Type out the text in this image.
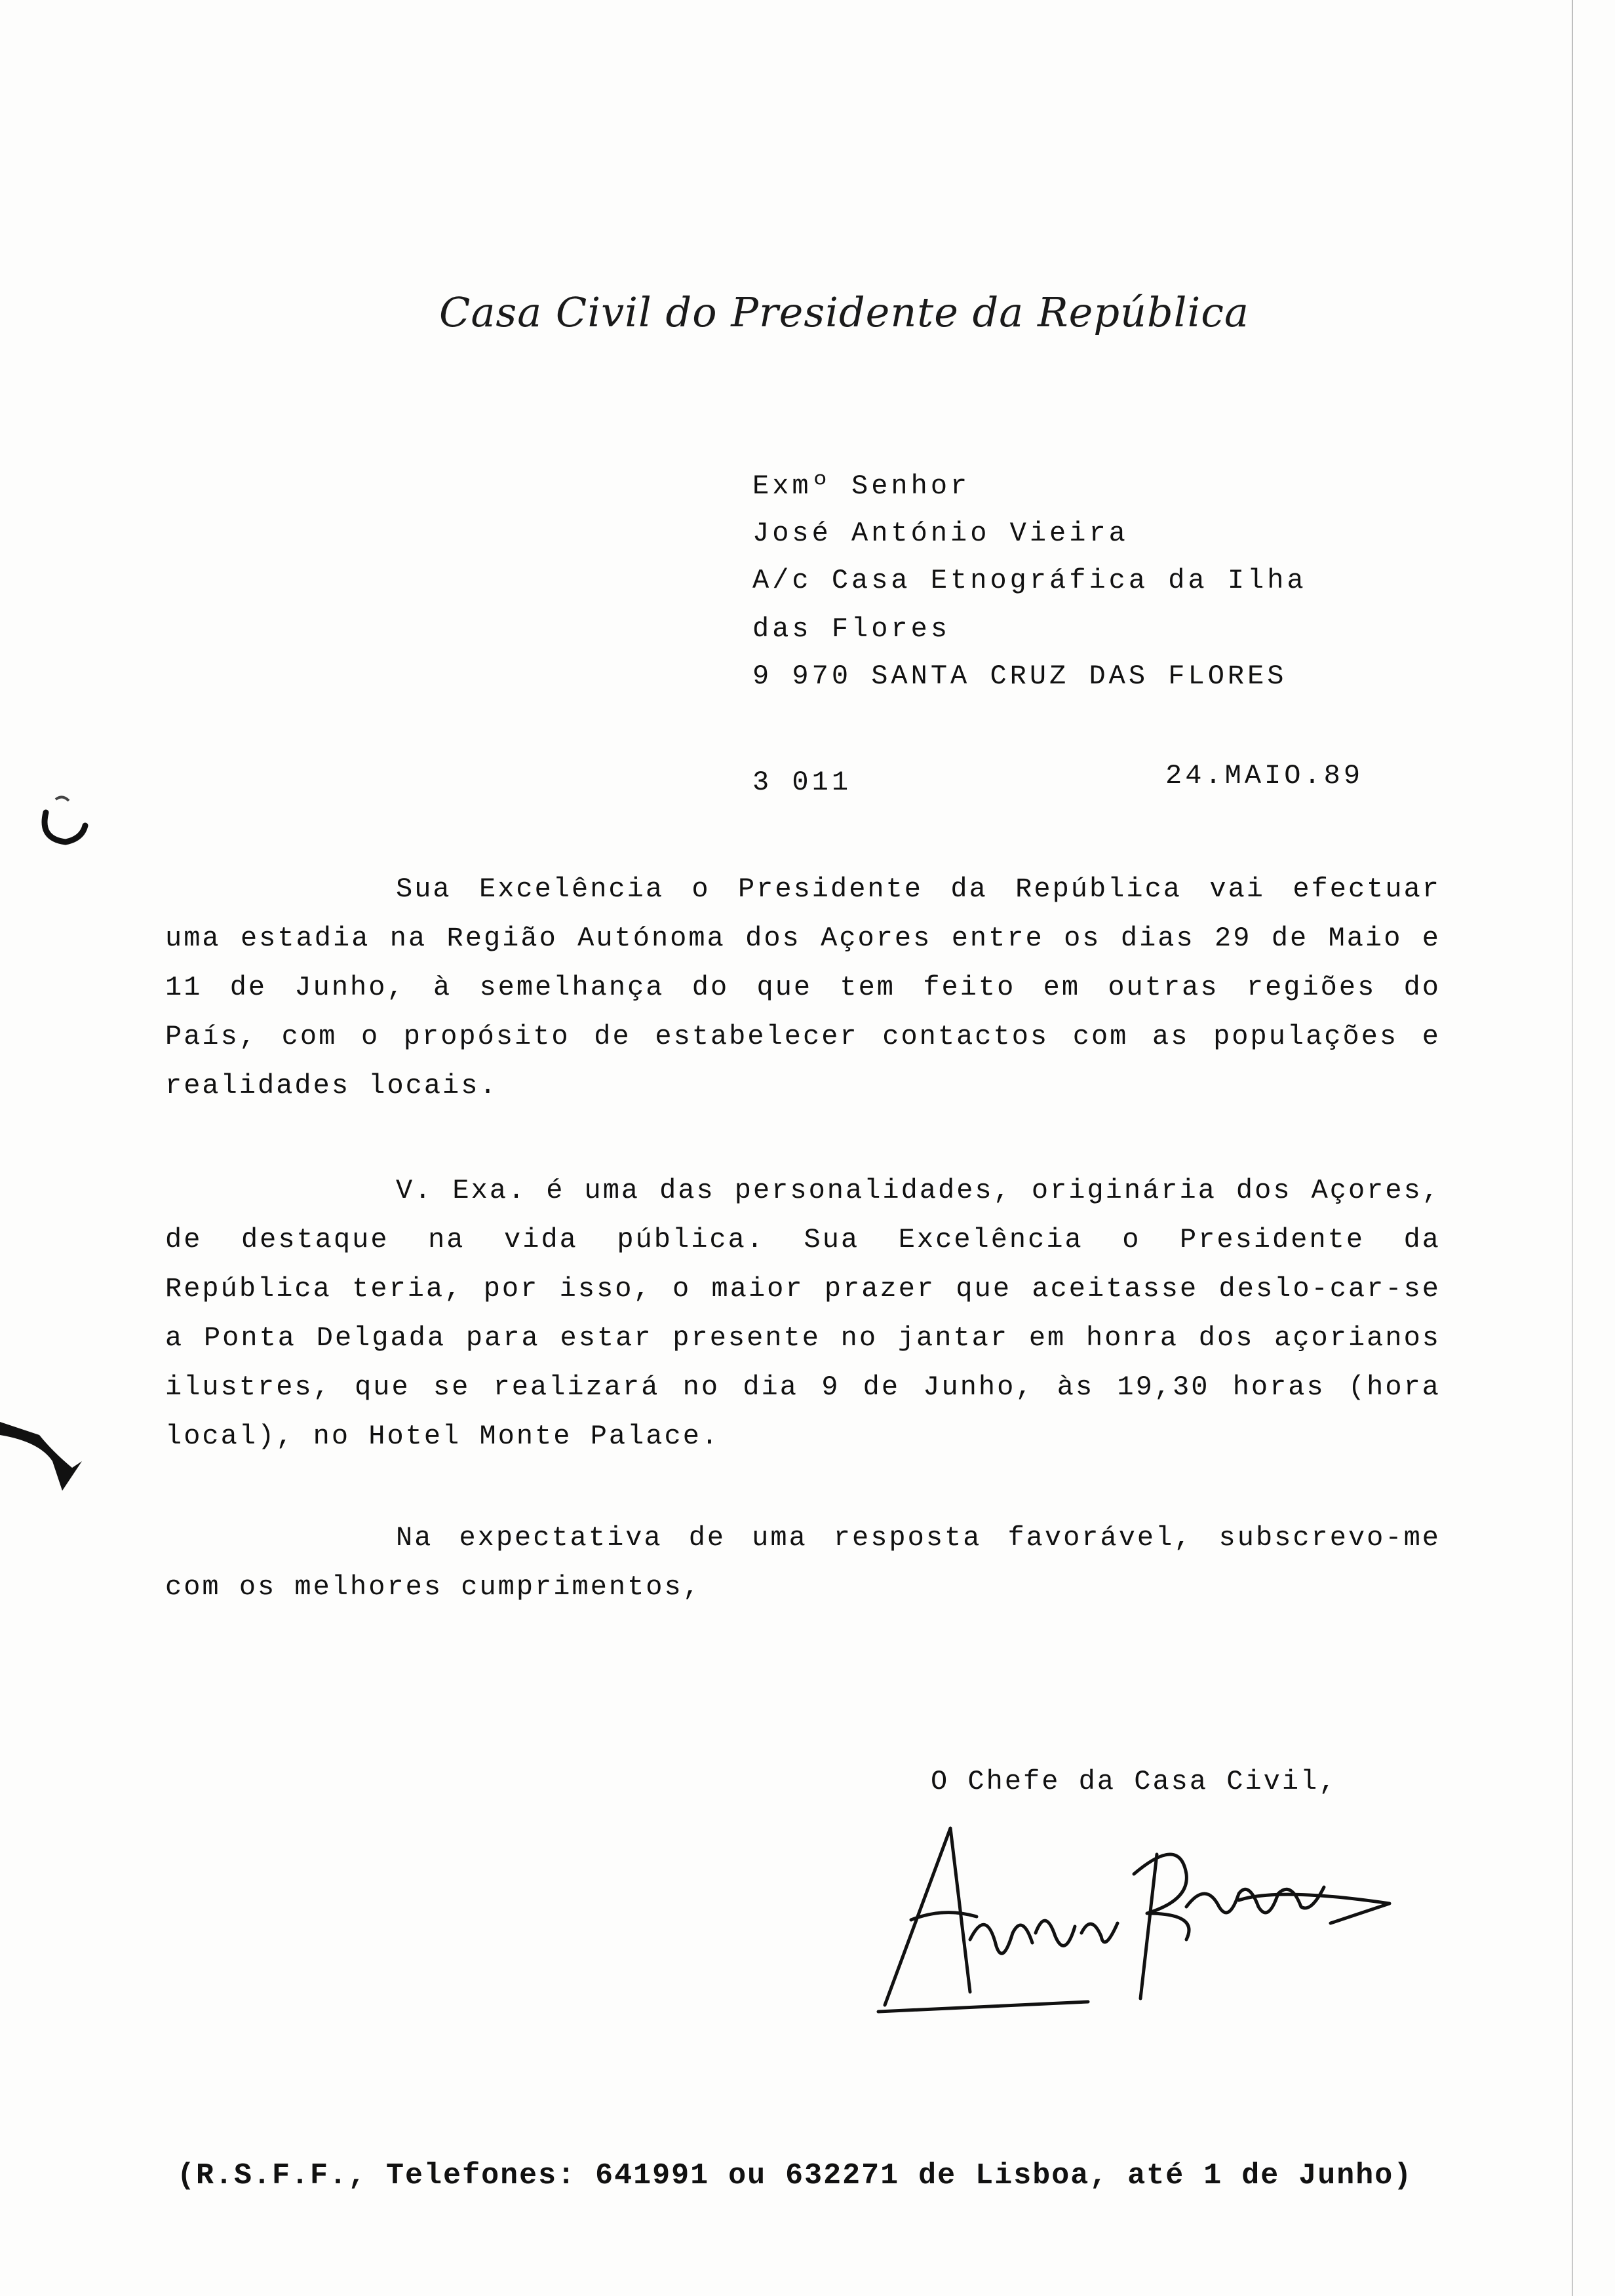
Casa Civil do Presidente da República
Exmº Senhor
José António Vieira
A/c Casa Etnográfica da Ilha
das Flores
9 970 SANTA CRUZ DAS FLORES
3 011	24.MAIO.89
Sua Excelência o Presidente da República vai efectuar uma estadia na Região Autónoma dos Açores entre os dias 29 de Maio e 11 de Junho, à semelhança do que tem feito em outras regiões do País, com o propósito de estabelecer contactos com as populações e realidades locais.
V. Exa. é uma das personalidades, originária dos Açores, de destaque na vida pública. Sua Excelência o Presidente da República teria, por isso, o maior prazer que aceitasse deslo-car-se a Ponta Delgada para estar presente no jantar em honra dos açorianos ilustres, que se realizará no dia 9 de Junho, às 19,30 horas (hora local), no Hotel Monte Palace.
Na expectativa de uma resposta favorável, subscrevo-me com os melhores cumprimentos,
O Chefe da Casa Civil,
(R.S.F.F., Telefones: 641991 ou 632271 de Lisboa, até 1 de Junho)
